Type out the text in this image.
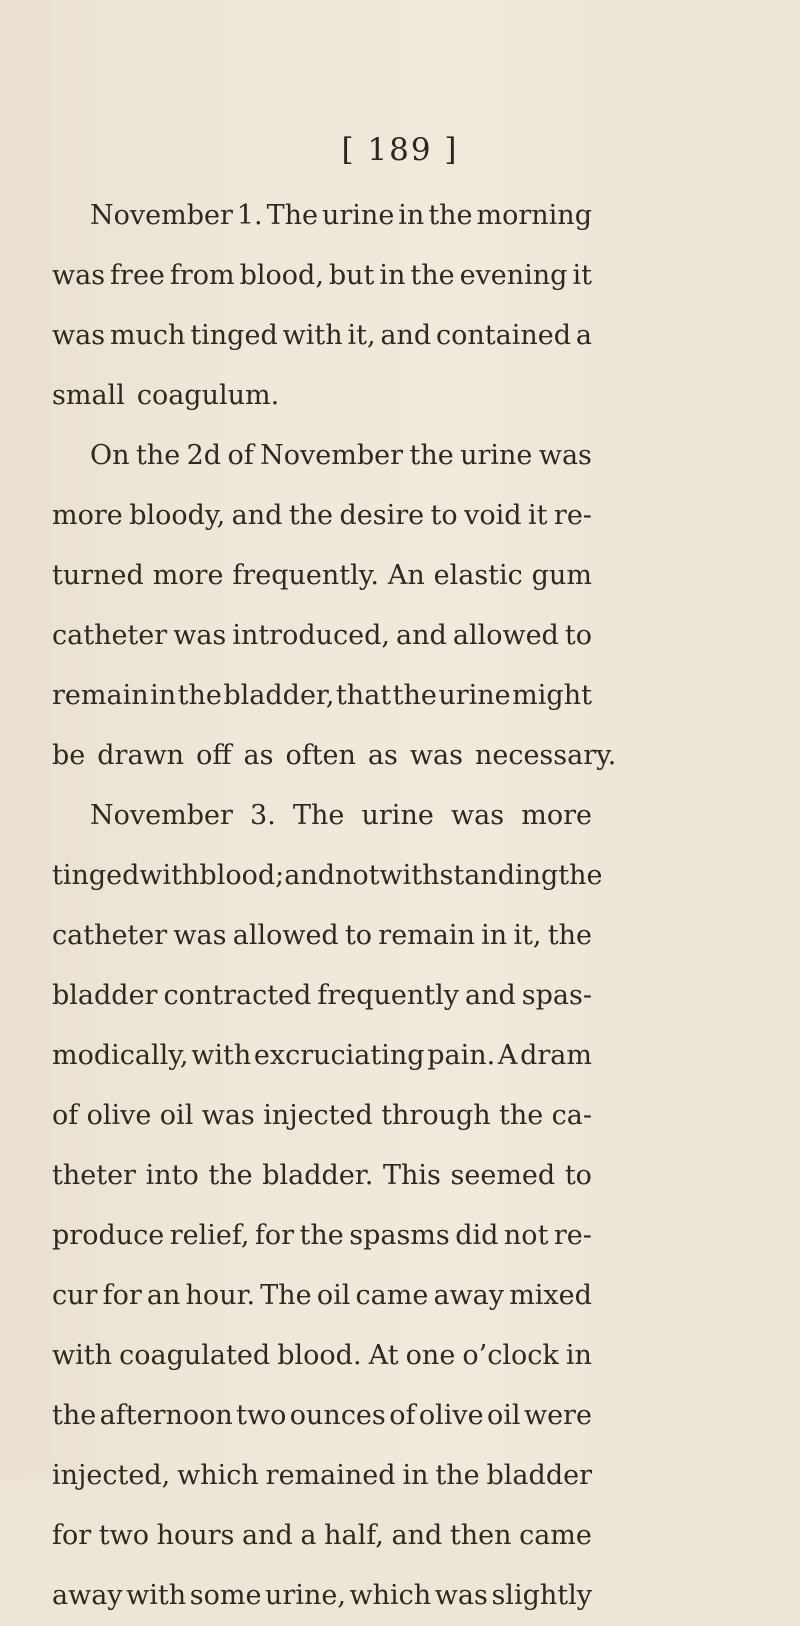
[ 189 ]
November 1. The urine in the morning
was free from blood, but in the evening it
was much tinged with it, and contained a
small coagulum.
On the 2d of November the urine was
more bloody, and the desire to void it re-
turned more frequently. An elastic gum
catheter was introduced, and allowed to
remain in the bladder, that the urine might
be drawn off as often as was necessary.
November 3. The urine was more
tinged with blood; and notwithstanding the
catheter was allowed to remain in it, the
bladder contracted frequently and spas-
modically, with excruciating pain. A dram
of olive oil was injected through the ca-
theter into the bladder. This seemed to
produce relief, for the spasms did not re-
cur for an hour. The oil came away mixed
with coagulated blood. At one o’clock in
the afternoon two ounces of olive oil were
injected, which remained in the bladder
for two hours and a half, and then came
away with some urine, which was slightly
